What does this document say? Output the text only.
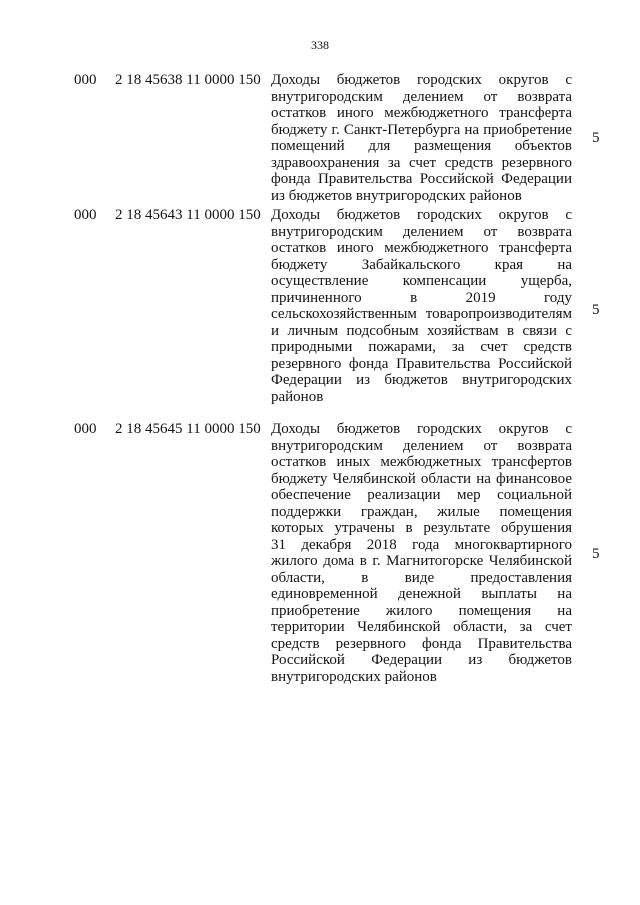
338
000 2 18 45638 11 0000 150 Доходы бюджетов городских округов с
внутригородским делением от возврата
остатков иного межбюджетного трансферта
бюджету г. Санкт-Петербурга на приобретение
помещений для размещения объектов
здравоохранения за счет средств резервного
фонда Правительства Российской Федерации
из бюджетов внутригородских районов
5
000 2 18 45643 11 0000 150 Доходы бюджетов городских округов с
внутригородским делением от возврата
остатков иного межбюджетного трансферта
бюджету Забайкальского края на
осуществление компенсации ущерба,
причиненного в 2019 году
сельскохозяйственным товаропроизводителям
и личным подсобным хозяйствам в связи с
природными пожарами, за счет средств
резервного фонда Правительства Российской
Федерации из бюджетов внутригородских
районов
5
000 2 18 45645 11 0000 150 Доходы бюджетов городских округов с
внутригородским делением от возврата
остатков иных межбюджетных трансфертов
бюджету Челябинской области на финансовое
обеспечение реализации мер социальной
поддержки граждан, жилые помещения
которых утрачены в результате обрушения
31 декабря 2018 года многоквартирного
жилого дома в г. Магнитогорске Челябинской
области, в виде предоставления
единовременной денежной выплаты на
приобретение жилого помещения на
территории Челябинской области, за счет
средств резервного фонда Правительства
Российской Федерации из бюджетов
внутригородских районов
5
